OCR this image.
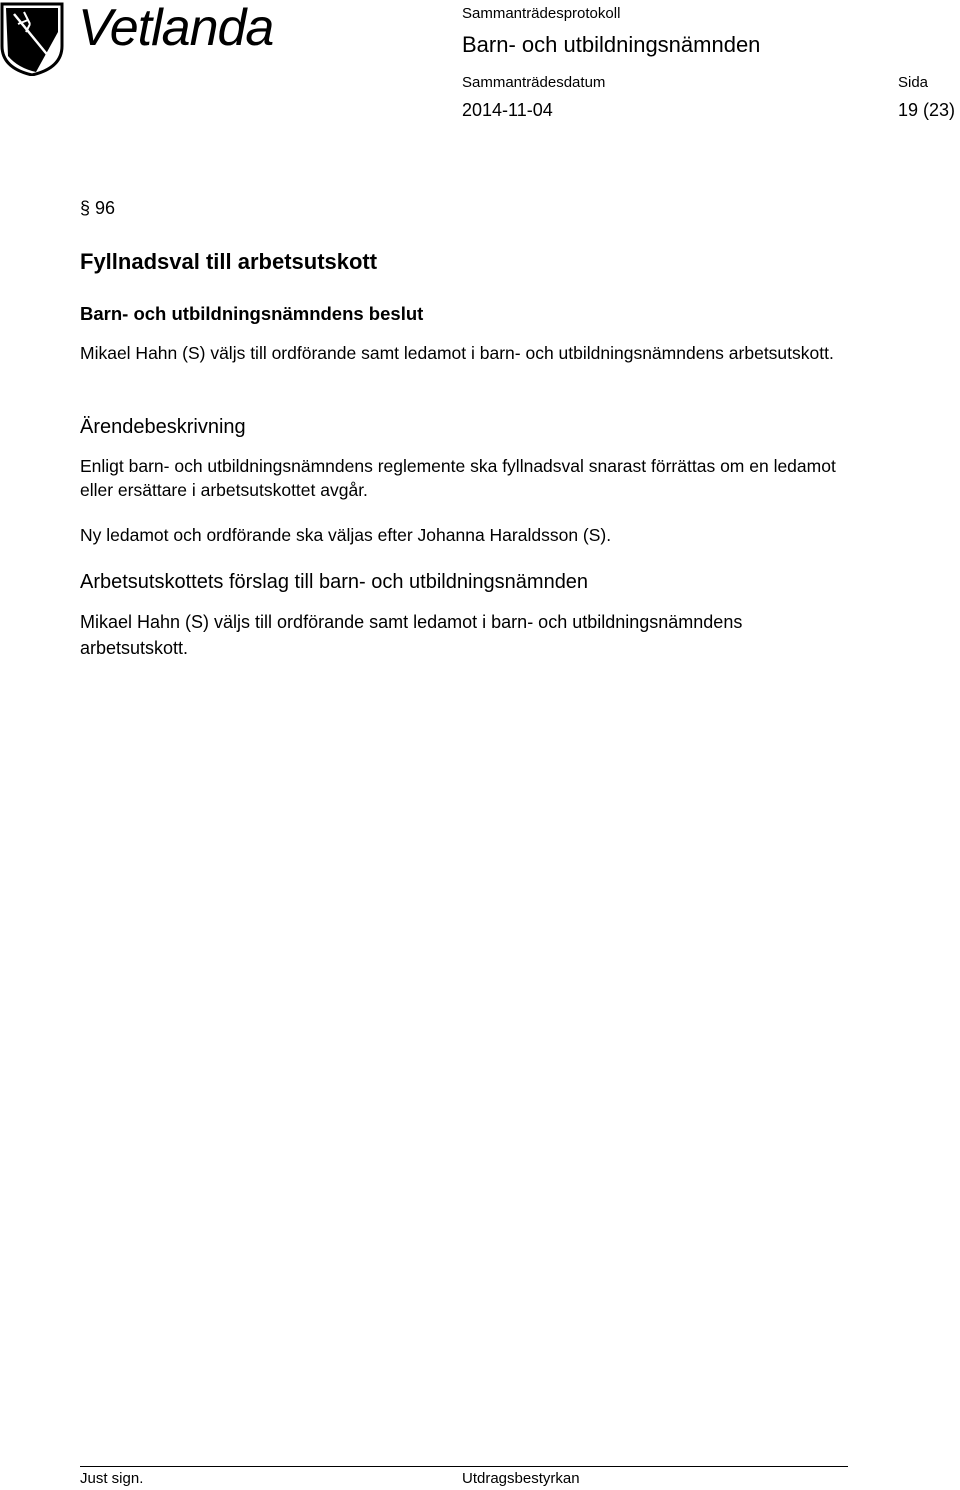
Vetlanda	Sammanträdesprotokoll
Barn- och utbildningsnämnden
Sammanträdesdatum	Sida
2014-11-04	19 (23)
§ 96
Fyllnadsval till arbetsutskott
Barn- och utbildningsnämndens beslut
Mikael Hahn (S) väljs till ordförande samt ledamot i barn- och utbildningsnämndens arbetsutskott.
Ärendebeskrivning
Enligt barn- och utbildningsnämndens reglemente ska fyllnadsval snarast förrättas om en ledamot eller ersättare i arbetsutskottet avgår.
Ny ledamot och ordförande ska väljas efter Johanna Haraldsson (S).
Arbetsutskottets förslag till barn- och utbildningsnämnden
Mikael Hahn (S) väljs till ordförande samt ledamot i barn- och utbildningsnämndens arbetsutskott.
Just sign.	Utdragsbestyrkan
